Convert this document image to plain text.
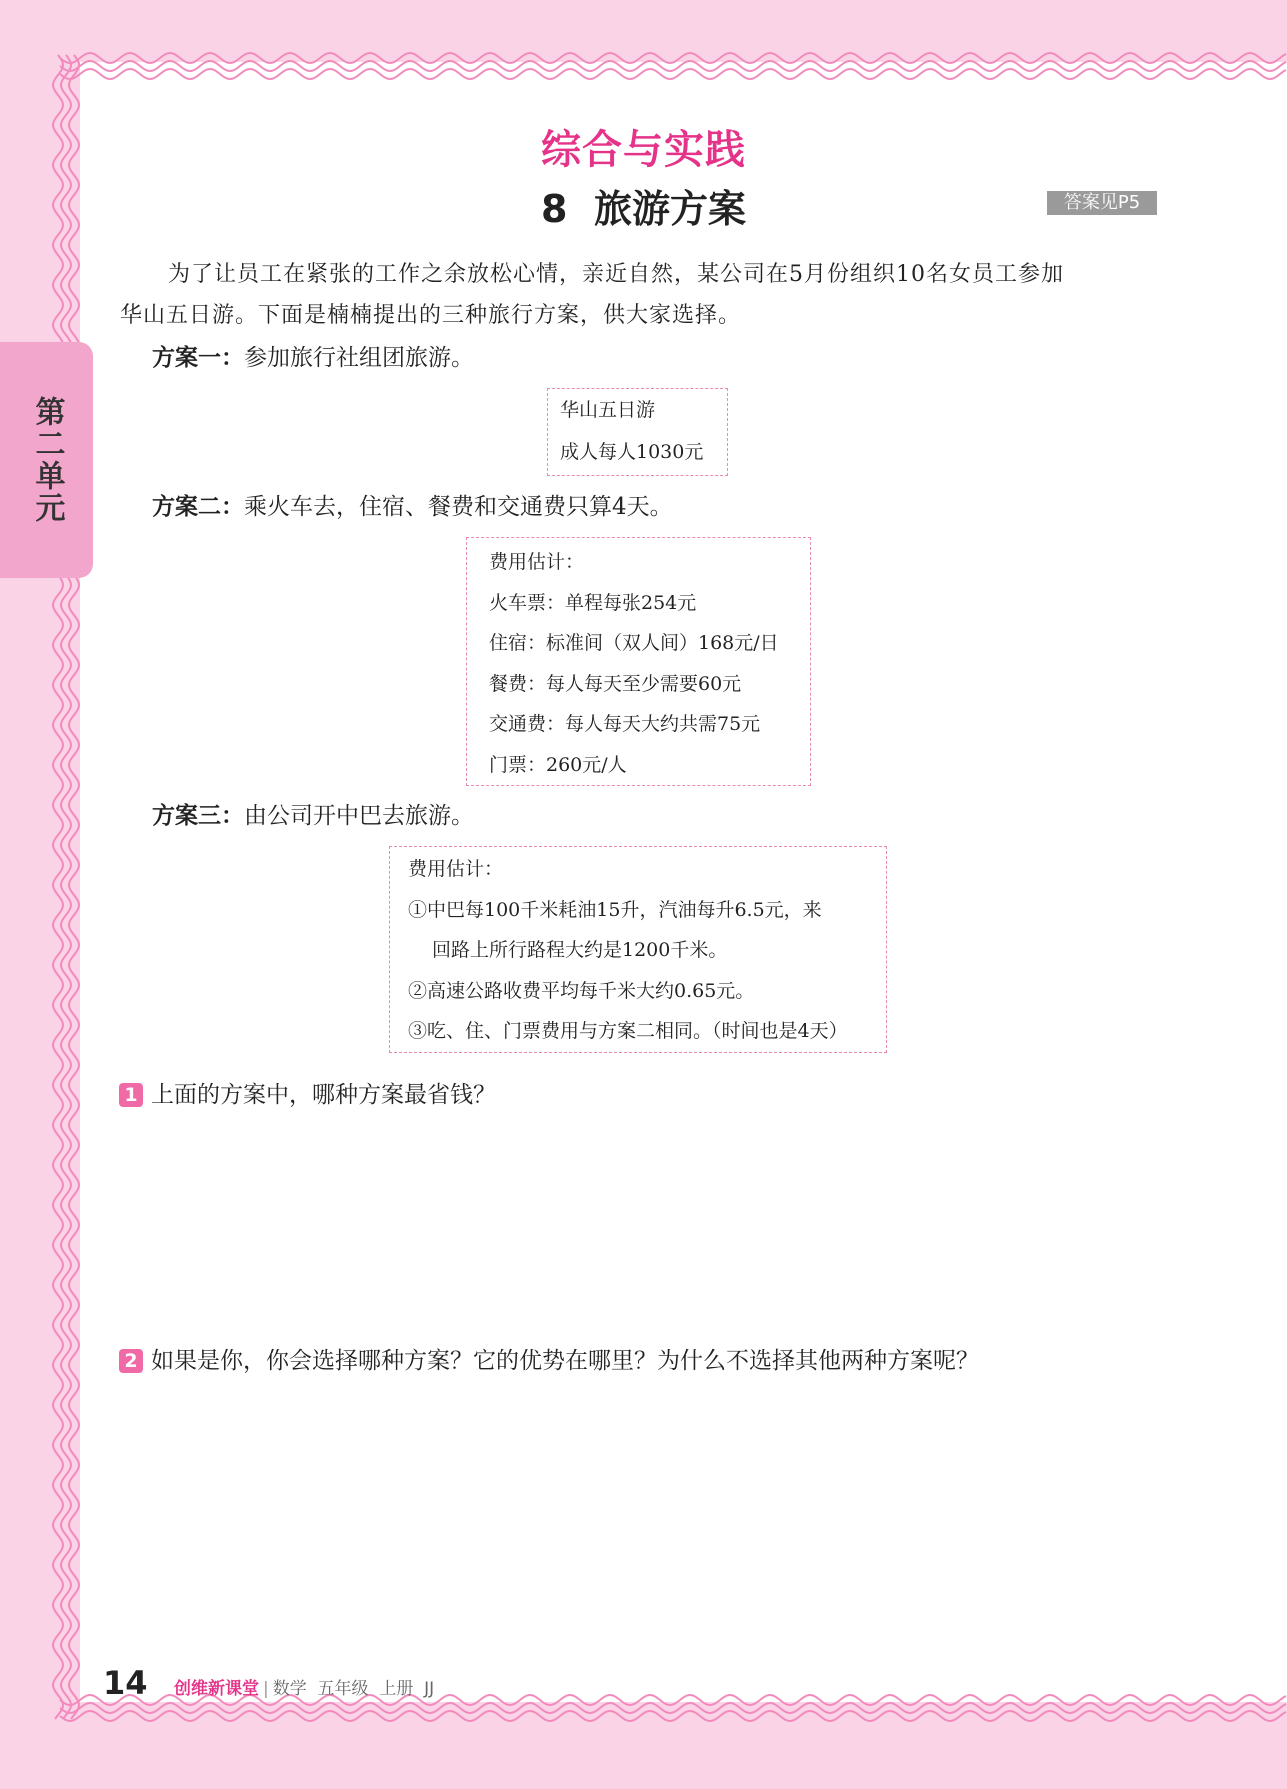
第二单元
综合与实践
8  旅游方案	答案见P5

为了让员工在紧张的工作之余放松心情，亲近自然，某公司在5月份组织10名女员工参加

华山五日游。下面是楠楠提出的三种旅行方案，供大家选择。

方案一：参加旅行社组团旅游。
华山五日游
成人每人1030元
方案二：乘火车去，住宿、餐费和交通费只算4天。
费用估计：
火车票：单程每张254元
住宿：标准间（双人间）168元/日
餐费：每人每天至少需要60元
交通费：每人每天大约共需75元
门票：260元/人
方案三：由公司开中巴去旅游。
费用估计：
①中巴每100千米耗油15升，汽油每升6.5元，来
回路上所行路程大约是1200千米。
②高速公路收费平均每千米大约0.65元。
③吃、住、门票费用与方案二相同。（时间也是4天）
1 上面的方案中，哪种方案最省钱？
2 如果是你，你会选择哪种方案？它的优势在哪里？为什么不选择其他两种方案呢？
14 创维新课堂 | 数学 五年级 上册 JJ
